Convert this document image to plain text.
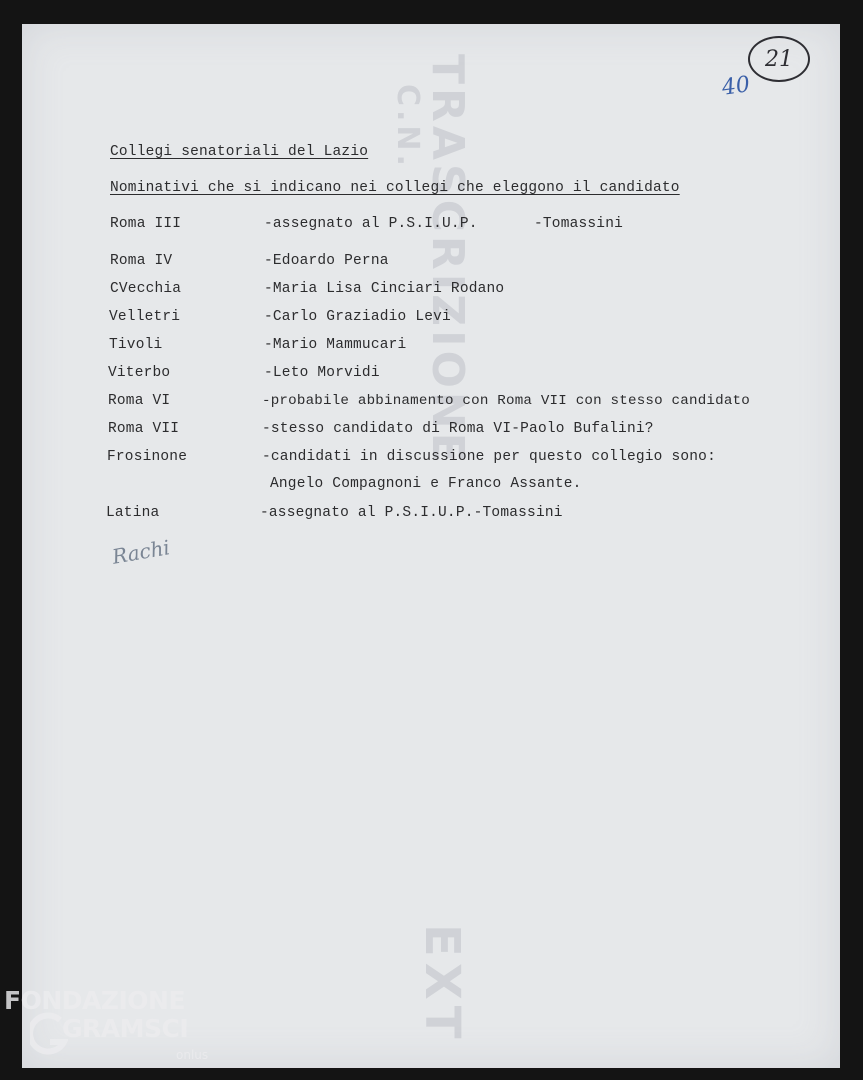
TRASCRIZIONE
C.N.
EXT
40
21
Collegi senatoriali del Lazio
Nominativi che si indicano nei collegi che eleggono il candidato
Roma III	-assegnato al P.S.I.U.P.	-Tomassini
Roma IV	-Edoardo Perna
CVecchia	-Maria Lisa Cinciari Rodano
Velletri	-Carlo Graziadio Levi
Tivoli	-Mario Mammucari
Viterbo	-Leto Morvidi
Roma VI	-probabile abbinamento con Roma VII con stesso candidato
Roma VII	-stesso candidato di Roma VI-Paolo Bufalini?
Frosinone	-candidati in discussione per questo collegio sono:
Angelo Compagnoni e Franco Assante.
Latina	-assegnato al P.S.I.U.P.-Tomassini
Rachi
FONDAZIONE
GRAMSCI
onlus
